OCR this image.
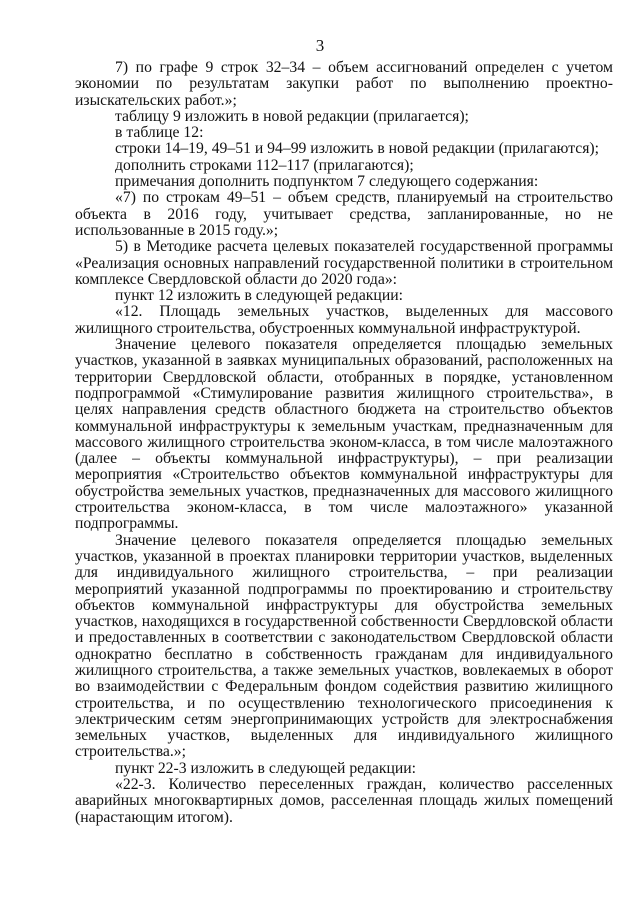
3

7) по графе 9 строк 32–34 – объем ассигнований определен с учетом экономии по результатам закупки работ по выполнению проектно-изыскательских работ.»;

таблицу 9 изложить в новой редакции (прилагается);

в таблице 12:

строки 14–19, 49–51 и 94–99 изложить в новой редакции (прилагаются);

дополнить строками 112–117 (прилагаются);

примечания дополнить подпунктом 7 следующего содержания:

«7) по строкам 49–51 – объем средств, планируемый на строительство объекта в 2016 году, учитывает средства, запланированные, но не использованные в 2015 году.»;

5) в Методике расчета целевых показателей государственной программы «Реализация основных направлений государственной политики в строительном комплексе Свердловской области до 2020 года»:

пункт 12 изложить в следующей редакции:

«12. Площадь земельных участков, выделенных для массового жилищного строительства, обустроенных коммунальной инфраструктурой.

Значение целевого показателя определяется площадью земельных участков, указанной в заявках муниципальных образований, расположенных на территории Свердловской области, отобранных в порядке, установленном подпрограммой «Стимулирование развития жилищного строительства», в целях направления средств областного бюджета на строительство объектов коммунальной инфраструктуры к земельным участкам, предназначенным для массового жилищного строительства эконом-класса, в том числе малоэтажного (далее – объекты коммунальной инфраструктуры), – при реализации мероприятия «Строительство объектов коммунальной инфраструктуры для обустройства земельных участков, предназначенных для массового жилищного строительства эконом-класса, в том числе малоэтажного» указанной подпрограммы.

Значение целевого показателя определяется площадью земельных участков, указанной в проектах планировки территории участков, выделенных для индивидуального жилищного строительства, – при реализации мероприятий указанной подпрограммы по проектированию и строительству объектов коммунальной инфраструктуры для обустройства земельных участков, находящихся в государственной собственности Свердловской области и предоставленных в соответствии с законодательством Свердловской области однократно бесплатно в собственность гражданам для индивидуального жилищного строительства, а также земельных участков, вовлекаемых в оборот во взаимодействии с Федеральным фондом содействия развитию жилищного строительства, и по осуществлению технологического присоединения к электрическим сетям энергопринимающих устройств для электроснабжения земельных участков, выделенных для индивидуального жилищного строительства.»;

пункт 22-3 изложить в следующей редакции:

«22-3. Количество переселенных граждан, количество расселенных аварийных многоквартирных домов, расселенная площадь жилых помещений (нарастающим итогом).
